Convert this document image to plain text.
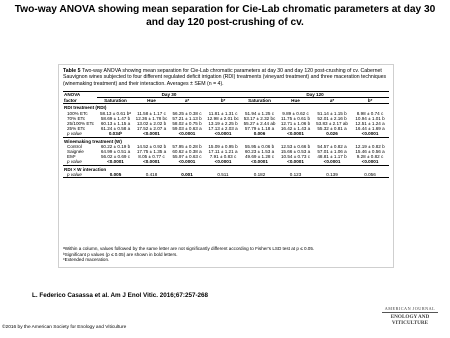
Two-way ANOVA showing mean separation for Cie-Lab chromatic parameters at day 30 and day 120 post-crushing of cv.
Table 5 Two-way ANOVA showing mean separation for Cie-Lab chromatic parameters at day 30 and day 120 post-crushing of cv. Cabernet Sauvignon wines subjected to four different regulated deficit irrigation (RDI) treatments (vineyard treatment) and three maceration techniques (winemaking treatment) and their interaction. Averages ± SEM (n = 4).
ANOVA	Day 30				Day 120			
factor	Saturation	Hue	a*	b*	Saturation	Hue	a*	b*
RDI treatment (RDI)								
100% ETc	58.13 ± 0.61 bᵃ	11.58 ± 1.17 c	56.25 ± 0.38 c	11.81 ± 1.31 c	51.94 ± 1.25 c	9.89 ± 0.62 c	51.14 ± 1.15 b	8.98 ± 0.74 c
70% ETc	58.69 ± 1.47 b	12.36 ± 1.78 bc	57.21 ± 1.13 b	12.98 ± 2.01 bc	53.17 ± 2.32 bc	11.75 ± 0.61 b	52.01 ± 2.16 b	10.94 ± 1.01 b
25/100% ETc	60.13 ± 1.15 a	13.02 ± 2.02 b	58.02 ± 0.75 b	13.19 ± 2.25 b	55.27 ± 2.44 ab	12.71 ± 1.06 b	53.83 ± 2.17 ab	12.51 ± 1.24 a
25% ETc	61.24 ± 0.58 a	17.52 ± 2.07 a	59.03 ± 0.63 a	17.13 ± 2.03 a	57.79 ± 1.18 a	16.42 ± 1.43 a	55.32 ± 0.81 a	16.44 ± 1.69 a
p value	0.034ᵇ	<0.0001	<0.0001	<0.0001	0.006	<0.0001	0.026	<0.0001
Winemaking treatment (W)								
Control	60.22 ± 0.19 b	14.52 ± 0.92 b	57.95 ± 0.28 b	15.09 ± 0.95 b	55.95 ± 0.06 b	12.53 ± 0.66 b	54.57 ± 0.82 a	12.19 ± 0.82 b
Saignée	64.99 ± 0.51 a	17.75 ± 1.35 a	60.62 ± 0.38 a	17.11 ± 1.21 a	60.23 ± 1.53 a	15.66 ± 0.53 a	57.01 ± 1.06 a	15.46 ± 0.56 a
EMᶜ	56.02 ± 0.69 c	8.05 ± 0.77 c	55.97 ± 0.63 c	7.91 ± 0.83 c	49.69 ± 1.28 c	10.54 ± 0.73 c	48.81 ± 1.17 b	9.28 ± 0.82 c
p value	<0.0001	<0.0001	<0.0001	<0.0001	<0.0001	<0.0001	<0.0001	<0.0001
RDI × W interaction								
p value	0.005	0.418	0.001	0.511	0.182	0.123	0.139	0.056
ᵃWithin a column, values followed by the same letter are not significantly different according to Fisher's LSD test at p ≤ 0.05.
ᵇSignificant p values (p ≤ 0.05) are shown in bold letters.
ᶜExtended maceration.
L. Federico Casassa et al. Am J Enol Vitic. 2016;67:257-268
©2016 by the American Society for Enology and Viticulture
AMERICAN JOURNAL
ENOLOGY AND VITICULTURE
